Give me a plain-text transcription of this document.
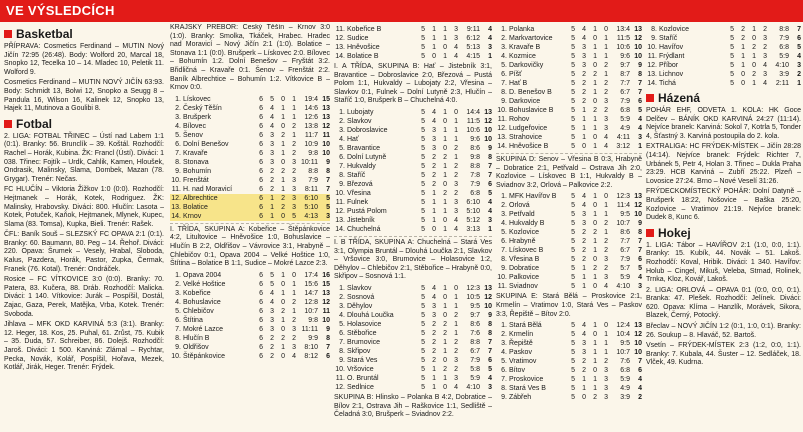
VE VÝSLEDCÍCH
Basketbal

PŘÍPRAVA: Cosmetics Ferdinand – MUTIN Nový Jičín 72:95 (26:48). Body: Wolford 20, Marcal 18, Snopko 12, Tecelka 10 – 14. Mladec 10, Peletik 11. Wolford 9.

Cosmetics Ferdinand – MUTIN NOVÝ JIČÍN 63:93. Body: Schmidt 13, Bolwi 12, Snopko a Seugg 8 – Pandula 16, Wilson 16, Kalinek 12, Snopko 13, Hajek 11, Mutinova a Goulibi 8.

Fotbal

2. LIGA: FOTBAL TŘINEC – Ústí nad Labem 1:1 (0:1). Branky: 56. Brunclík – 39. Koštál. Rozhodčí: Rachel – Horák, Kubina. ŽK: Francl (Ústí). Diváci: 1 038. Třinec: Fojtík – Urdk, Cahlik, Kamen, Hloušek, Ondrasik, Malinsky, Slama, Dombek, Mazan (78. Grygar). Trenér: Nečas.

FC HLUČÍN – Viktoria Žižkov 1:0 (0:0). Rozhodčí: Hejtmanek – Horák, Kotek, Rodriguez. ŽK: Malinsky, Hrabovsky. Diváci: 800. Hlučín: Lasota – Kotek, Potuček, Kaňok, Hejtmanek, Mlynek, Kupec, Slama (83. Tomsa), Kupka, Bieli. Trenér: Rašek.

ČFL: Baník Souš – SLEZSKÝ FC OPAVA 2:1 (0:1). Branky: 60. Baumann, 80. Peg – 14. Řehoř. Diváci: 220. Opava: Šrumek – Vesely, Hrabal, Sloboda, Kalus, Pazdera, Horák, Pastor, Zupka, Čermak, Franek (76. Kotal). Trenér: Ondráček.

Rosice – FC VÍTKOVICE 3:0 (0:0). Branky: 70. Patera, 83. Kučera, 88. Dráb. Rozhodčí: Malicka. Diváci: 1 140. Vítkovice: Jurák – Pospíšil, Dostál, Zajac, Gaza, Perek, Matějka, Vrba, Kotek. Trenér: Svoboda.

Jihlava – MFK OKD KARVINÁ 5:3 (3:1). Branky: 12. Heger, 18. Kos, 25. Puhal, 61. Zrůst, 75. Kubik – 35. Duda, 57. Schreiber, 86. Dolejš. Rozhodčí: Jaroš. Diváci: 1 500. Karviná: Zlámal – Rychtar, Pecka, Novák, Kolář, Pospíšil, Hořava, Mezek, Kotlář, Jirák, Heger. Trenér: Frýdek.

KRAJSKÝ PŘEBOR: Český Těšín – Krnov 3:0 (1:0). Branky: Smolka, Tkáček, Hrabec. Hradec nad Moravicí – Nový Jičín 2:1 (1:0). Bolatice – Stonava 1:1 (0:0). Brušperk – Lískovec 2:0. Bílovec – Bohumín 1:2. Dolní Benešov – Fryštát 3:2. Břidličná – Kravaře 0:1. Šenov – Frenštát 2:2. Baník Albrechtice – Bohumín 1:2. Vítkovice B – Krnov 0:0.

1.	Lískovec	6	5	0	1	19:4	15
2.	Český Těšín	6	4	1	1	14:6	13
3.	Brušperk	6	4	1	1	12:6	13
4.	Bílovec	6	4	0	2	13:8	12
5.	Šenov	6	3	2	1	11:7	11
6.	Dolní Benešov	6	3	1	2	10:9	10
7.	Kravaře	6	3	1	2	9:8	10
8.	Stonava	6	3	0	3	10:11	9
9.	Bohumín	6	2	2	2	8:8	8
10.	Frenštát	6	2	1	3	7:9	7
11.	H. nad Moravicí	6	2	1	3	8:11	7
12.	Albrechtice	6	1	2	3	6:10	5
13.	Bolatice	6	1	2	3	5:10	5
14.	Krnov	6	1	0	5	4:13	3

I. TŘÍDA, SKUPINA A: Kobeřice – Štěpánkovice 4:2, Litultovice – Hněvošice 1:0, Bohuslavice – Hlučín B 2:2, Oldřišov – Vávrovice 3:1, Hrabyně – Chlebičov 0:1, Opava 2004 – Velké Hoštice 1:0, Štítina – Bolatice B 1:1, Sudice – Mokré Lazce 2:3.

1.	Opava 2004	6	5	1	0	17:4	16
2.	Velké Hoštice	6	5	0	1	15:6	15
3.	Kobeřice	6	4	1	1	14:7	13
4.	Bohuslavice	6	4	0	2	12:8	12
5.	Chlebičov	6	3	2	1	10:7	11
6.	Štítina	6	3	1	2	9:8	10
7.	Mokré Lazce	6	3	0	3	11:11	9
8.	Hlučín B	6	2	2	2	9:9	8
9.	Oldřišov	6	2	1	3	8:10	7
10.	Štěpánkovice	6	2	0	4	8:12	6
11.	Kobeřice B	5	1	1	3	9:11	4
12.	Sudice	5	1	1	3	6:12	4
13.	Hněvošice	5	1	0	4	5:13	3
14.	Bolatice B	5	0	1	4	4:15	1

I. A TŘÍDA, SKUPINA B: Hať – Jistebník 3:1, Bravantice – Dobroslavice 2:0, Březová – Pustá Polom 1:1, Hukvaldy – Lubojaty 2:2, Vřesina – Slavkov 0:1, Fulnek – Dolní Lutyně 2:3, Hlučín – Staříč 1:0, Brušperk B – Chuchelná 4:0.

1.	Lubojaty	5	4	1	0	14:4	13
2.	Slavkov	5	4	0	1	11:5	12
3.	Dobroslavice	5	3	1	1	10:6	10
4.	Hať	5	3	1	1	9:6	10
5.	Bravantice	5	3	0	2	8:6	9
6.	Dolní Lutyně	5	2	2	1	9:8	8
7.	Hukvaldy	5	2	1	2	8:8	7
8.	Staříč	5	2	1	2	7:8	7
9.	Březová	5	2	0	3	7:9	6
10.	Vřesina	5	1	2	2	6:8	5
11.	Fulnek	5	1	1	3	6:10	4
12.	Pustá Polom	5	1	1	3	5:10	4
13.	Jistebník	5	1	0	4	5:12	3
14.	Chuchelná	5	0	1	4	3:13	1

I. B TŘÍDA, SKUPINA A: Chuchelná – Stará Ves 3:1, Olympia Bruntál – Dlouhá Loučka 2:1, Slavkov – Vršovice 3:0, Brumovice – Holasovice 1:2, Děhylov – Chlebičov 2:1, Stěbořice – Hrabyně 0:0, Skřipov – Sosnová 1:1.

1.	Slavkov	5	4	1	0	12:3	13
2.	Sosnová	5	4	0	1	10:5	12
3.	Děhylov	5	3	1	1	9:5	10
4.	Dlouhá Loučka	5	3	0	2	9:7	9
5.	Holasovice	5	2	2	1	8:6	8
6.	Stěbořice	5	2	2	1	7:6	8
7.	Brumovice	5	2	1	2	8:8	7
8.	Skřipov	5	2	1	2	6:7	7
9.	Stará Ves	5	2	0	3	7:9	6
10.	Vršovice	5	1	2	2	5:8	5
11.	O. Bruntál	5	1	1	3	5:9	4
12.	Sedlnice	5	1	0	4	4:10	3

SKUPINA B: Hlinsko – Polanka B 4:2, Dobratice – Bílov 2:1, Ostrava Jih – Raškovice 1:1, Sedliště – Čeladná 3:0, Brušperk – Sviadnov 2:2.

1.	Polanka	5	4	1	0	13:4	13
2.	Markvartovice	5	4	0	1	11:5	12
3.	Kravaře B	5	3	1	1	10:6	10
4.	Kozmice	5	3	1	1	9:6	10
5.	Darkovičky	5	3	0	2	9:7	9
6.	Píšť	5	2	2	1	8:7	8
7.	Hať B	5	2	1	2	7:7	7
8.	D. Benešov B	5	2	1	2	6:7	7
9.	Darkovice	5	2	0	3	7:9	6
10.	Bohuslavice B	5	1	2	2	6:8	5
11.	Rohov	5	1	1	3	5:9	4
12.	Ludgeřovice	5	1	1	3	4:9	4
13.	Strahovice	5	1	0	4	4:11	3
14.	Hněvošice B	5	0	1	4	3:12	1

SKUPINA D: Senov – Vřesina B 0:3, Hrabyně – Dobratice 2:1, Petřvald – Ostrava Jih 2:0, Kozlovice – Lískovec B 1:1, Hukvaldy B – Sviadnov 3:2, Orlová – Palkovice 2:2.

1.	MFK Havířov B	5	4	1	0	12:3	13
2.	Orlová	5	4	0	1	11:4	12
3.	Petřvald	5	3	1	1	9:5	10
4.	Hukvaldy B	5	3	0	2	10:7	9
5.	Kozlovice	5	2	2	1	8:6	8
6.	Hrabyně	5	2	1	2	7:7	7
7.	Lískovec B	5	2	1	2	6:7	7
8.	Vřesina B	5	2	0	3	7:9	6
9.	Dobratice	5	1	2	2	5:7	5
10.	Palkovice	5	1	1	3	5:9	4
11.	Sviadnov	5	1	0	4	4:10	3

SKUPINA E: Stará Bělá – Proskovice 2:1, Krmelín – Vratimov 1:0, Stará Ves – Paskov 3:3, Řepiště – Bítov 2:0.

1.	Stará Bělá	5	4	1	0	12:4	13
2.	Krmelín	5	4	0	1	10:4	12
3.	Řepiště	5	3	1	1	9:5	10
4.	Paskov	5	3	1	1	10:7	10
5.	Vratimov	5	2	1	2	7:6	7
6.	Bítov	5	2	0	3	6:8	6
7.	Proskovice	5	1	1	3	5:9	4
8.	Stará Ves B	5	1	1	3	4:9	4
9.	Zábřeh	5	0	2	3	3:9	2
8.	Kozlovice	5	2	1	2	8:8	7
9.	Staříč	5	2	0	3	7:9	6
10.	Havířov	5	1	2	2	6:8	5
11.	Frýdlant	5	1	1	3	5:9	4
12.	Příbor	5	1	0	4	4:10	3
13.	Lichnov	5	0	2	3	3:9	2
14.	Tichá	5	0	1	4	2:11	1
Házená

POHÁR EHF, ODVETA 1. KOLA: HK Goce Delčev – BÁNÍK OKD KARVINÁ 24:27 (11:14). Nejvíce branek: Karviná: Sokol 7, Kotrla 5, Tonder 4, Šťastný 3. Karviná postoupila do 2. kola.

EXTRALIGA: HC FRÝDEK-MÍSTEK – Jičín 28:28 (14:14). Nejvíce branek: Frýdek: Richter 7, Urbánek 5, Petr 4, Holan 3. Třinec – Dukla Praha 23:29. HCB Karviná – Zubří 25:22. Plzeň – Lovosice 27:24. Brno – Nové Veselí 31:26.

FRÝDECKOMÍSTECKÝ POHÁR: Dolní Datyně – Brušperk 18:22, Nošovice – Baška 25:20, Kozlovice – Vratimov 21:19. Nejvíce branek: Dudek 8, Kunc 6.

Hokej

1. LIGA: Tábor – HAVÍŘOV 2:1 (1:0, 0:0, 1:1). Branky: 15. Kubík, 44. Novák – 51. Lakoš. Rozhodčí: Koval, Hribik. Diváci: 1 340. Havířov: Holub – Cingel, Mikuš, Veleba, Strnad, Rolinek, Trnka, Kloz, Kovář, Lakoš.

2. LIGA: ORLOVÁ – OPAVA 0:1 (0:0, 0:0, 0:1). Branka: 47. Plešek. Rozhodčí: Jelínek. Diváci: 620. Opava: Klíma – Hanzlík, Morávek, Sikora, Blazek, Černý, Potocký.

Břeclav – NOVÝ JIČÍN 1:2 (0:1, 1:0, 0:1). Branky: 26. Soukup – 8. Hlaváč, 52. Bartoš.

Vsetín – FRÝDEK-MÍSTEK 2:3 (1:2, 0:0, 1:1). Branky: 7. Kubala, 44. Šuster – 12. Sedláček, 18. Vlček, 49. Kudrna.
